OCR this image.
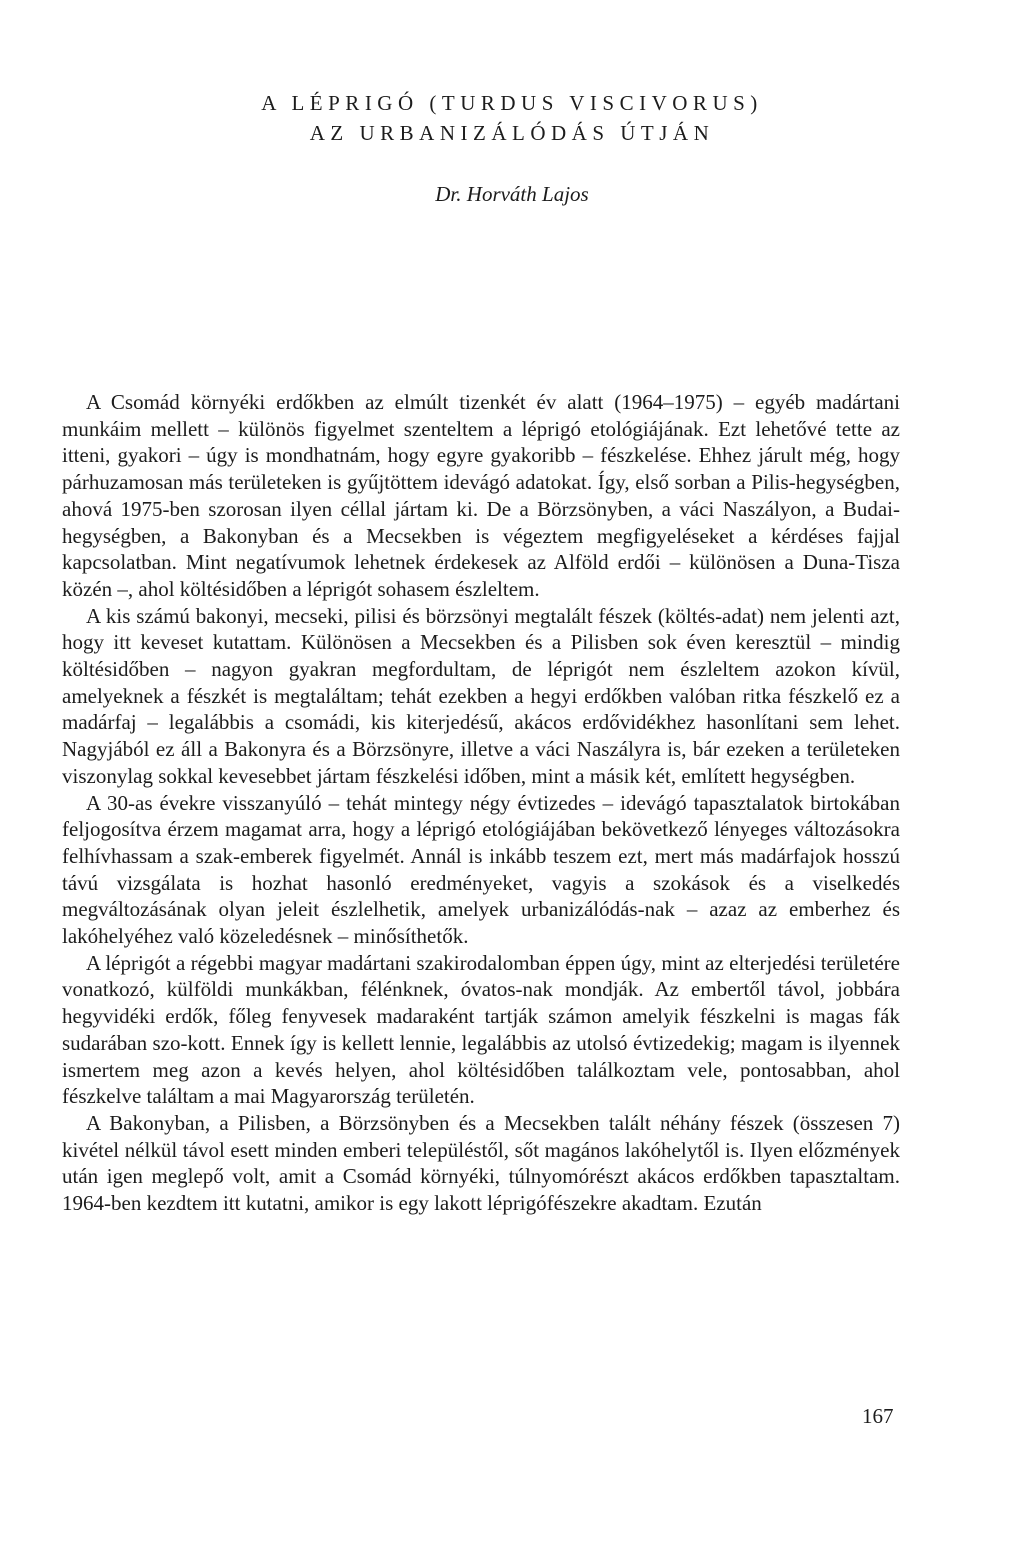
A LÉPRIGÓ (TURDUS VISCIVORUS)

AZ URBANIZÁLÓDÁS ÚTJÁN

Dr. Horváth Lajos

A Csomád környéki erdőkben az elmúlt tizenkét év alatt (1964–1975) – egyéb madártani munkáim mellett – különös figyelmet szenteltem a léprigó etológiájának. Ezt lehetővé tette az itteni, gyakori – úgy is mondhatnám, hogy egyre gyakoribb – fészkelése. Ehhez járult még, hogy párhuzamosan más területeken is gyűjtöttem idevágó adatokat. Így, első sorban a Pilis-hegységben, ahová 1975-ben szorosan ilyen céllal jártam ki. De a Börzsönyben, a váci Naszályon, a Budai-hegységben, a Bakonyban és a Mecsekben is végeztem megfigyeléseket a kérdéses fajjal kapcsolatban. Mint negatívumok lehetnek érdekesek az Alföld erdői – különösen a Duna-Tisza közén –, ahol költésidőben a léprigót sohasem észleltem.

A kis számú bakonyi, mecseki, pilisi és börzsönyi megtalált fészek (költés-adat) nem jelenti azt, hogy itt keveset kutattam. Különösen a Mecsekben és a Pilisben sok éven keresztül – mindig költésidőben – nagyon gyakran megfordultam, de léprigót nem észleltem azokon kívül, amelyeknek a fészkét is megtaláltam; tehát ezekben a hegyi erdőkben valóban ritka fészkelő ez a madárfaj – legalábbis a csomádi, kis kiterjedésű, akácos erdővidékhez hasonlítani sem lehet. Nagyjából ez áll a Bakonyra és a Börzsönyre, illetve a váci Naszályra is, bár ezeken a területeken viszonylag sokkal kevesebbet jártam fészkelési időben, mint a másik két, említett hegységben.

A 30-as évekre visszanyúló – tehát mintegy négy évtizedes – idevágó tapasztalatok birtokában feljogosítva érzem magamat arra, hogy a léprigó etológiájában bekövetkező lényeges változásokra felhívhassam a szak-emberek figyelmét. Annál is inkább teszem ezt, mert más madárfajok hosszú távú vizsgálata is hozhat hasonló eredményeket, vagyis a szokások és a viselkedés megváltozásának olyan jeleit észlelhetik, amelyek urbanizálódás-nak – azaz az emberhez és lakóhelyéhez való közeledésnek – minősíthetők.

A léprigót a régebbi magyar madártani szakirodalomban éppen úgy, mint az elterjedési területére vonatkozó, külföldi munkákban, félénknek, óvatos-nak mondják. Az embertől távol, jobbára hegyvidéki erdők, főleg fenyvesek madaraként tartják számon amelyik fészkelni is magas fák sudarában szo-kott. Ennek így is kellett lennie, legalábbis az utolsó évtizedekig; magam is ilyennek ismertem meg azon a kevés helyen, ahol költésidőben találkoztam vele, pontosabban, ahol fészkelve találtam a mai Magyarország területén.

A Bakonyban, a Pilisben, a Börzsönyben és a Mecsekben talált néhány fészek (összesen 7) kivétel nélkül távol esett minden emberi településtől, sőt magános lakóhelytől is. Ilyen előzmények után igen meglepő volt, amit a Csomád környéki, túlnyomórészt akácos erdőkben tapasztaltam. 1964-ben kezdtem itt kutatni, amikor is egy lakott léprigófészekre akadtam. Ezután

167
